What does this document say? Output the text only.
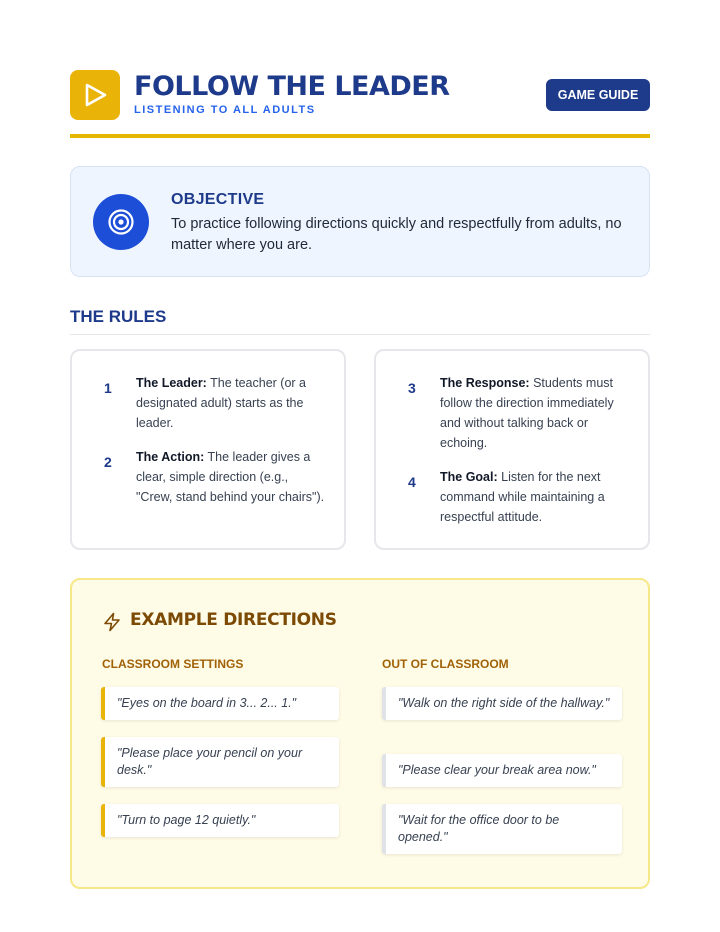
FOLLOW THE LEADER
LISTENING TO ALL ADULTS
GAME GUIDE
OBJECTIVE
To practice following directions quickly and respectfully from adults, no matter where you are.
THE RULES
1 The Leader: The teacher (or a designated adult) starts as the leader.
2 The Action: The leader gives a clear, simple direction (e.g., "Crew, stand behind your chairs").
3 The Response: Students must follow the direction immediately and without talking back or echoing.
4 The Goal: Listen for the next command while maintaining a respectful attitude.
EXAMPLE DIRECTIONS
CLASSROOM SETTINGS	OUT OF CLASSROOM
"Eyes on the board in 3... 2... 1."
"Please place your pencil on your desk."
"Turn to page 12 quietly."
"Walk on the right side of the hallway."
"Please clear your break area now."
"Wait for the office door to be opened."
